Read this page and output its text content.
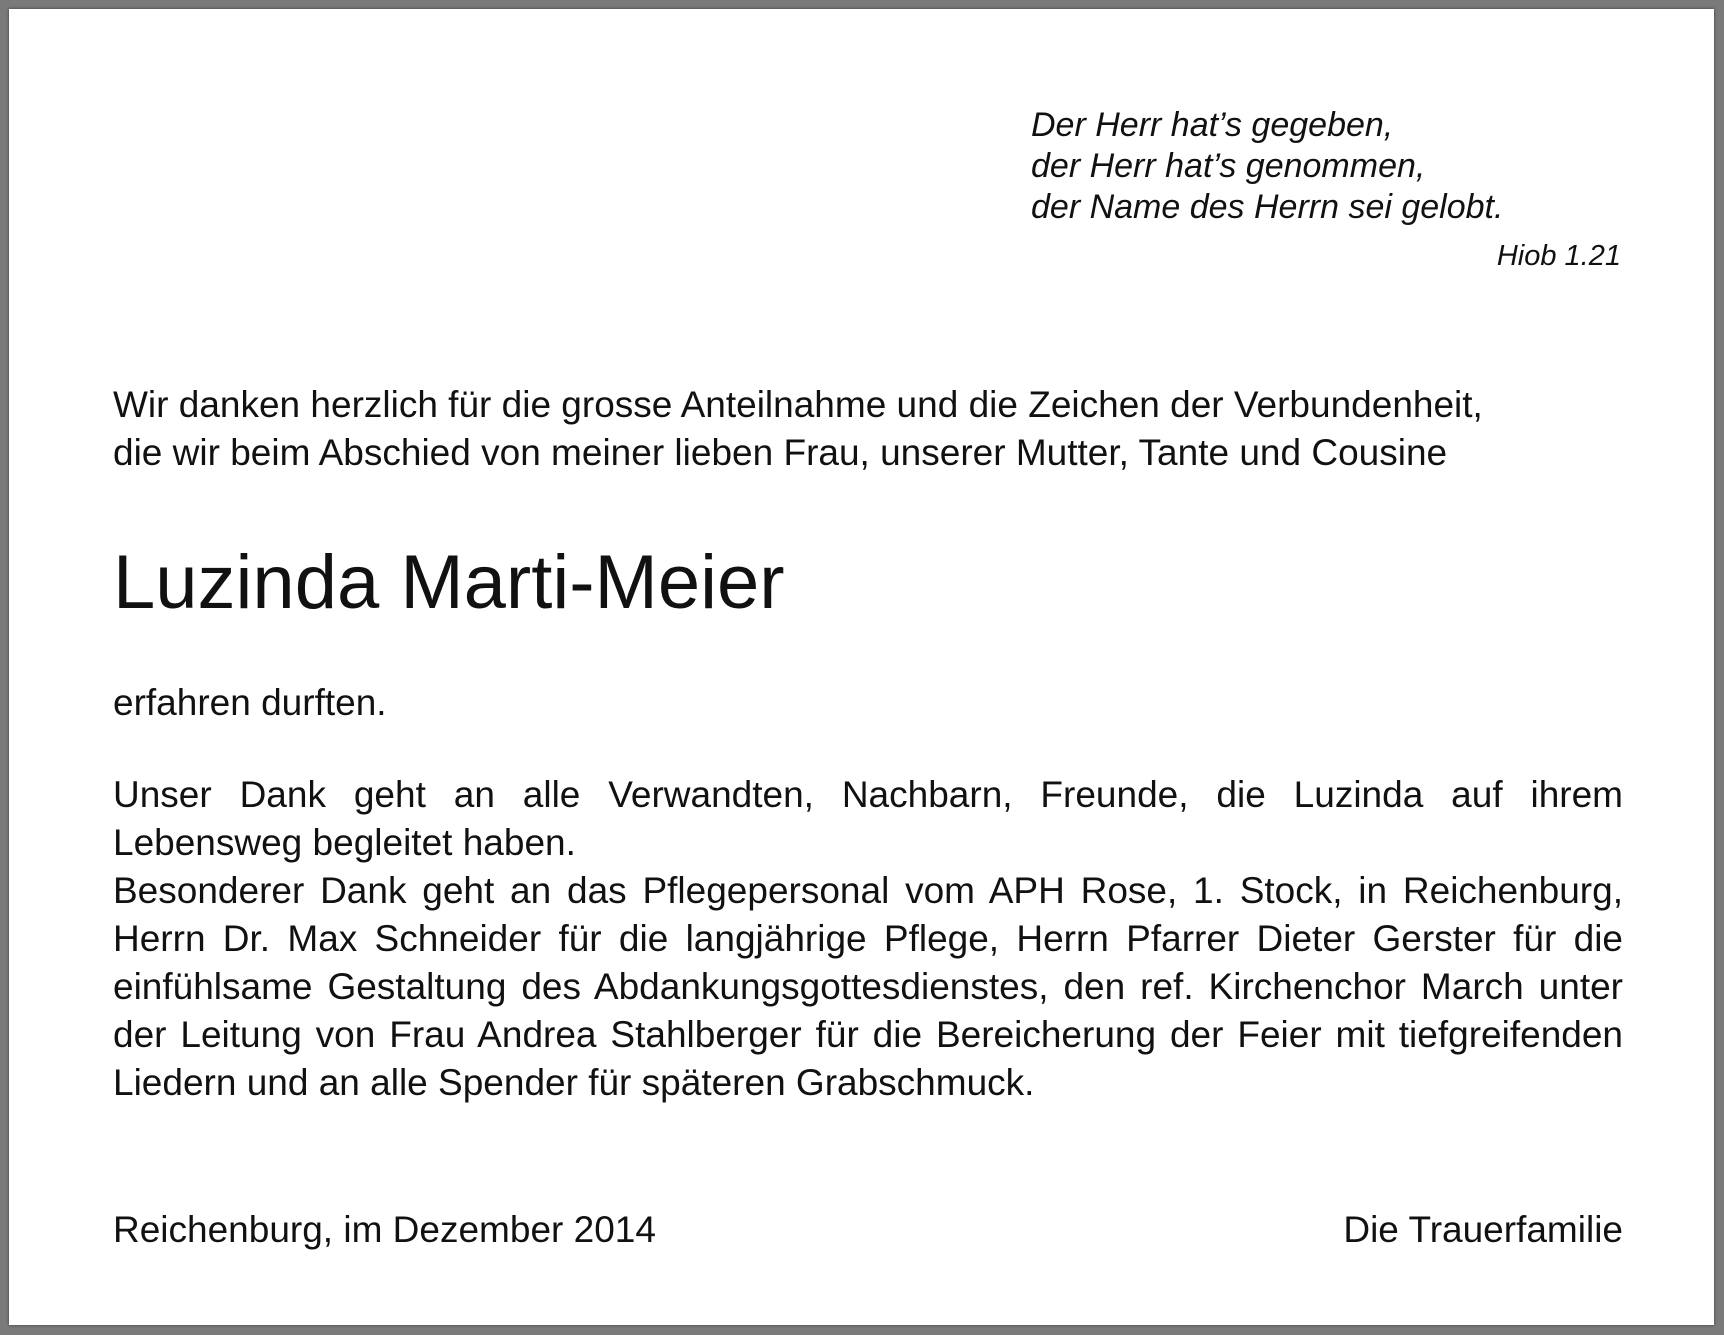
Der Herr hat’s gegeben,
der Herr hat’s genommen,
der Name des Herrn sei gelobt.
Hiob 1.21
Wir danken herzlich für die grosse Anteilnahme und die Zeichen der Verbundenheit,
die wir beim Abschied von meiner lieben Frau, unserer Mutter, Tante und Cousine
Luzinda Marti-Meier
erfahren durften.

Unser Dank geht an alle Verwandten, Nachbarn, Freunde, die Luzinda auf ihrem Lebensweg begleitet haben.

Besonderer Dank geht an das Pflegepersonal vom APH Rose, 1. Stock, in Reichenburg, Herrn Dr. Max Schneider für die langjährige Pflege, Herrn Pfarrer Dieter Gerster für die einfühlsame Gestaltung des Abdankungsgottesdienstes, den ref. Kirchenchor March unter der Leitung von Frau Andrea Stahlberger für die Bereicherung der Feier mit tiefgreifenden Liedern und an alle Spender für späteren Grabschmuck.

Reichenburg, im Dezember 2014	Die Trauerfamilie
